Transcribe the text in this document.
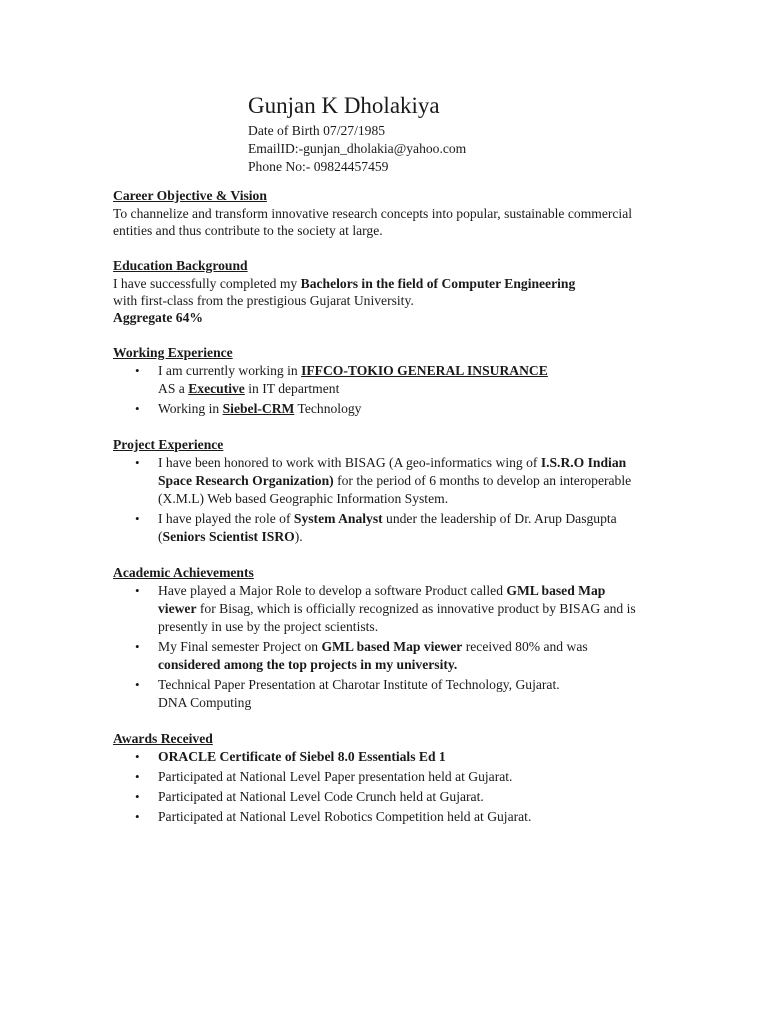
Gunjan K Dholakiya
Date of Birth 07/27/1985
EmailID:-gunjan_dholakia@yahoo.com
Phone No:- 09824457459
Career Objective & Vision

To channelize and transform innovative research concepts into popular, sustainable commercial entities and thus contribute to the society at large.

Education Background

I have successfully completed my Bachelors in the field of Computer Engineering
with first-class from the prestigious Gujarat University.

Aggregate 64%

Working Experience
• I am currently working in IFFCO-TOKIO GENERAL INSURANCE
AS a Executive in IT department
• Working in Siebel-CRM Technology
Project Experience
• I have been honored to work with BISAG (A geo-informatics wing of I.S.R.O Indian Space Research Organization) for the period of 6 months to develop an interoperable (X.M.L) Web based Geographic Information System.
• I have played the role of System Analyst under the leadership of Dr. Arup Dasgupta (Seniors Scientist ISRO).
Academic Achievements
• Have played a Major Role to develop a software Product called GML based Map viewer for Bisag, which is officially recognized as innovative product by BISAG and is presently in use by the project scientists.
• My Final semester Project on GML based Map viewer received 80% and was considered among the top projects in my university.
• Technical Paper Presentation at Charotar Institute of Technology, Gujarat.
DNA Computing
Awards Received
• ORACLE Certificate of Siebel 8.0 Essentials Ed 1
• Participated at National Level Paper presentation held at Gujarat.
• Participated at National Level Code Crunch held at Gujarat.
• Participated at National Level Robotics Competition held at Gujarat.
